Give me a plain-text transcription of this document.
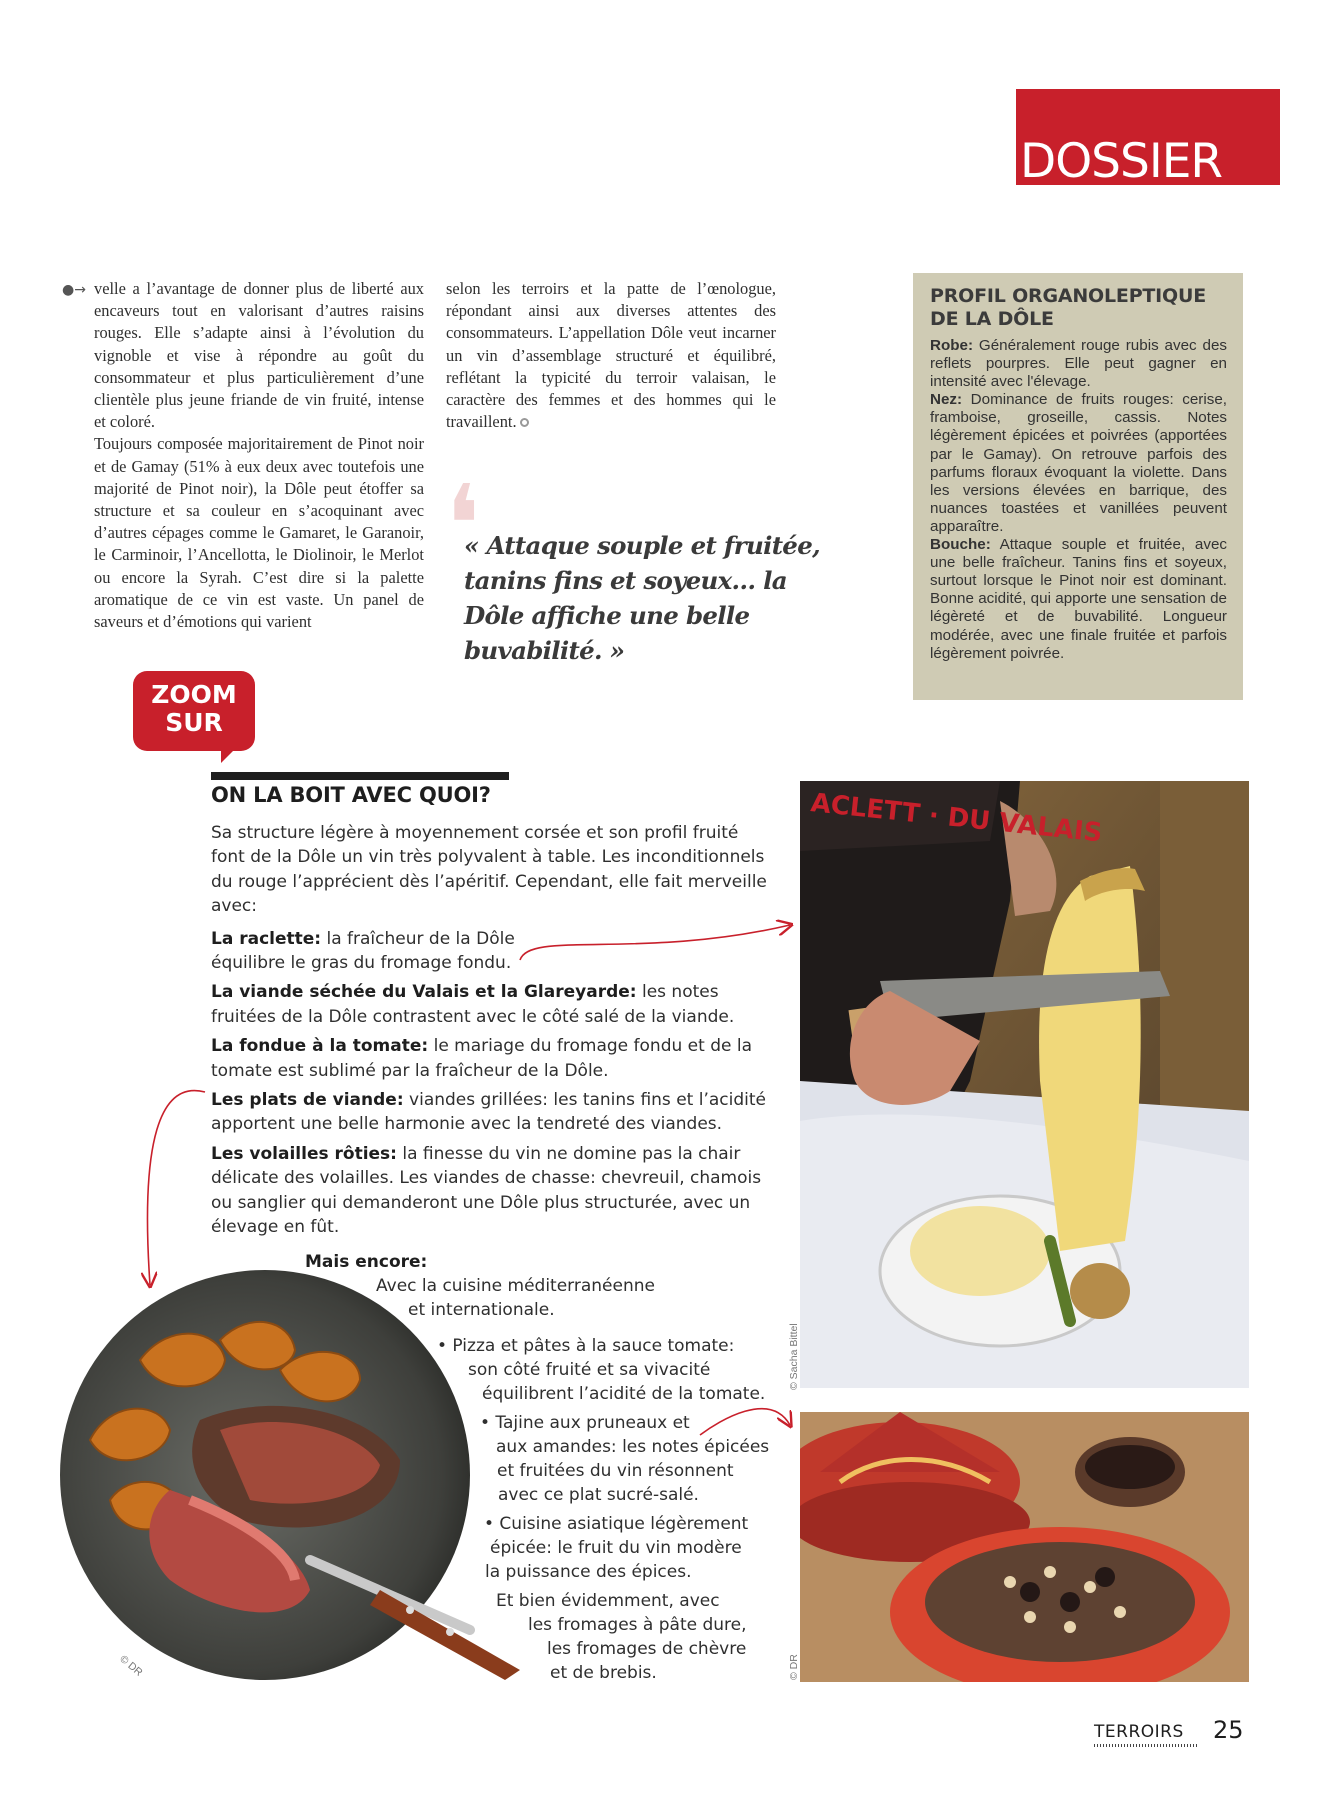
DOSSIER
●→ velle a l’avantage de donner plus de liberté aux encaveurs tout en valorisant d’autres raisins rouges. Elle s’adapte ainsi à l’évolution du vignoble et vise à répondre au goût du consommateur et plus particulièrement d’une clientèle plus jeune friande de vin fruité, intense et coloré.

Toujours composée majoritairement de Pinot noir et de Gamay (51% à eux deux avec toutefois une majorité de Pinot noir), la Dôle peut étoffer sa structure et sa couleur en s’acoquinant avec d’autres cépages comme le Gamaret, le Garanoir, le Carminoir, l’Ancellotta, le Diolinoir, le Merlot ou encore la Syrah. C’est dire si la palette aromatique de ce vin est vaste. Un panel de saveurs et d’émotions qui varient

selon les terroirs et la patte de l’œnologue, répondant ainsi aux diverses attentes des consommateurs. L’appellation Dôle veut incarner un vin d’assemblage structuré et équilibré, reflétant la typicité du terroir valaisan, le caractère des femmes et des hommes qui le travaillent.

❛
« Attaque souple et fruitée, tanins fins et soyeux… la Dôle affiche une belle buvabilité. »
PROFIL ORGANOLEPTIQUE DE LA DÔLE
Robe: Généralement rouge rubis avec des reflets pourpres. Elle peut gagner en intensité avec l'élevage.
Nez: Dominance de fruits rouges: cerise, framboise, groseille, cassis. Notes légèrement épicées et poivrées (apportées par le Gamay). On retrouve parfois des parfums floraux évoquant la violette. Dans les versions élevées en barrique, des nuances toastées et vanillées peuvent apparaître.
Bouche: Attaque souple et fruitée, avec une belle fraîcheur. Tanins fins et soyeux, surtout lorsque le Pinot noir est dominant. Bonne acidité, qui apporte une sensation de légèreté et de buvabilité. Longueur modérée, avec une finale fruitée et parfois légèrement poivrée.
ZOOM
SUR
ON LA BOIT AVEC QUOI?

Sa structure légère à moyennement corsée et son profil fruité font de la Dôle un vin très polyvalent à table. Les inconditionnels du rouge l’apprécient dès l’apéritif. Cependant, elle fait merveille avec:

La raclette: la fraîcheur de la Dôle équilibre le gras du fromage fondu.

La viande séchée du Valais et la Glareyarde: les notes fruitées de la Dôle contrastent avec le côté salé de la viande.

La fondue à la tomate: le mariage du fromage fondu et de la tomate est sublimé par la fraîcheur de la Dôle.

Les plats de viande: viandes grillées: les tanins fins et l’acidité apportent une belle harmonie avec la tendreté des viandes.

Les volailles rôties: la finesse du vin ne domine pas la chair délicate des volailles. Les viandes de chasse: chevreuil, chamois ou sanglier qui demanderont une Dôle plus structurée, avec un élevage en fût.

Mais encore:
Avec la cuisine méditerranéenne
et internationale.
• Pizza et pâtes à la sauce tomate:
son côté fruité et sa vivacité
équilibrent l’acidité de la tomate.
• Tajine aux pruneaux et
aux amandes: les notes épicées
et fruitées du vin résonnent
avec ce plat sucré-salé.
• Cuisine asiatique légèrement
épicée: le fruit du vin modère
la puissance des épices.
Et bien évidemment, avec
les fromages à pâte dure,
les fromages de chèvre
et de brebis.
ACLETT · DU VALAIS
© Sacha Bittel
© DR
© DR
TERROIRS 25
